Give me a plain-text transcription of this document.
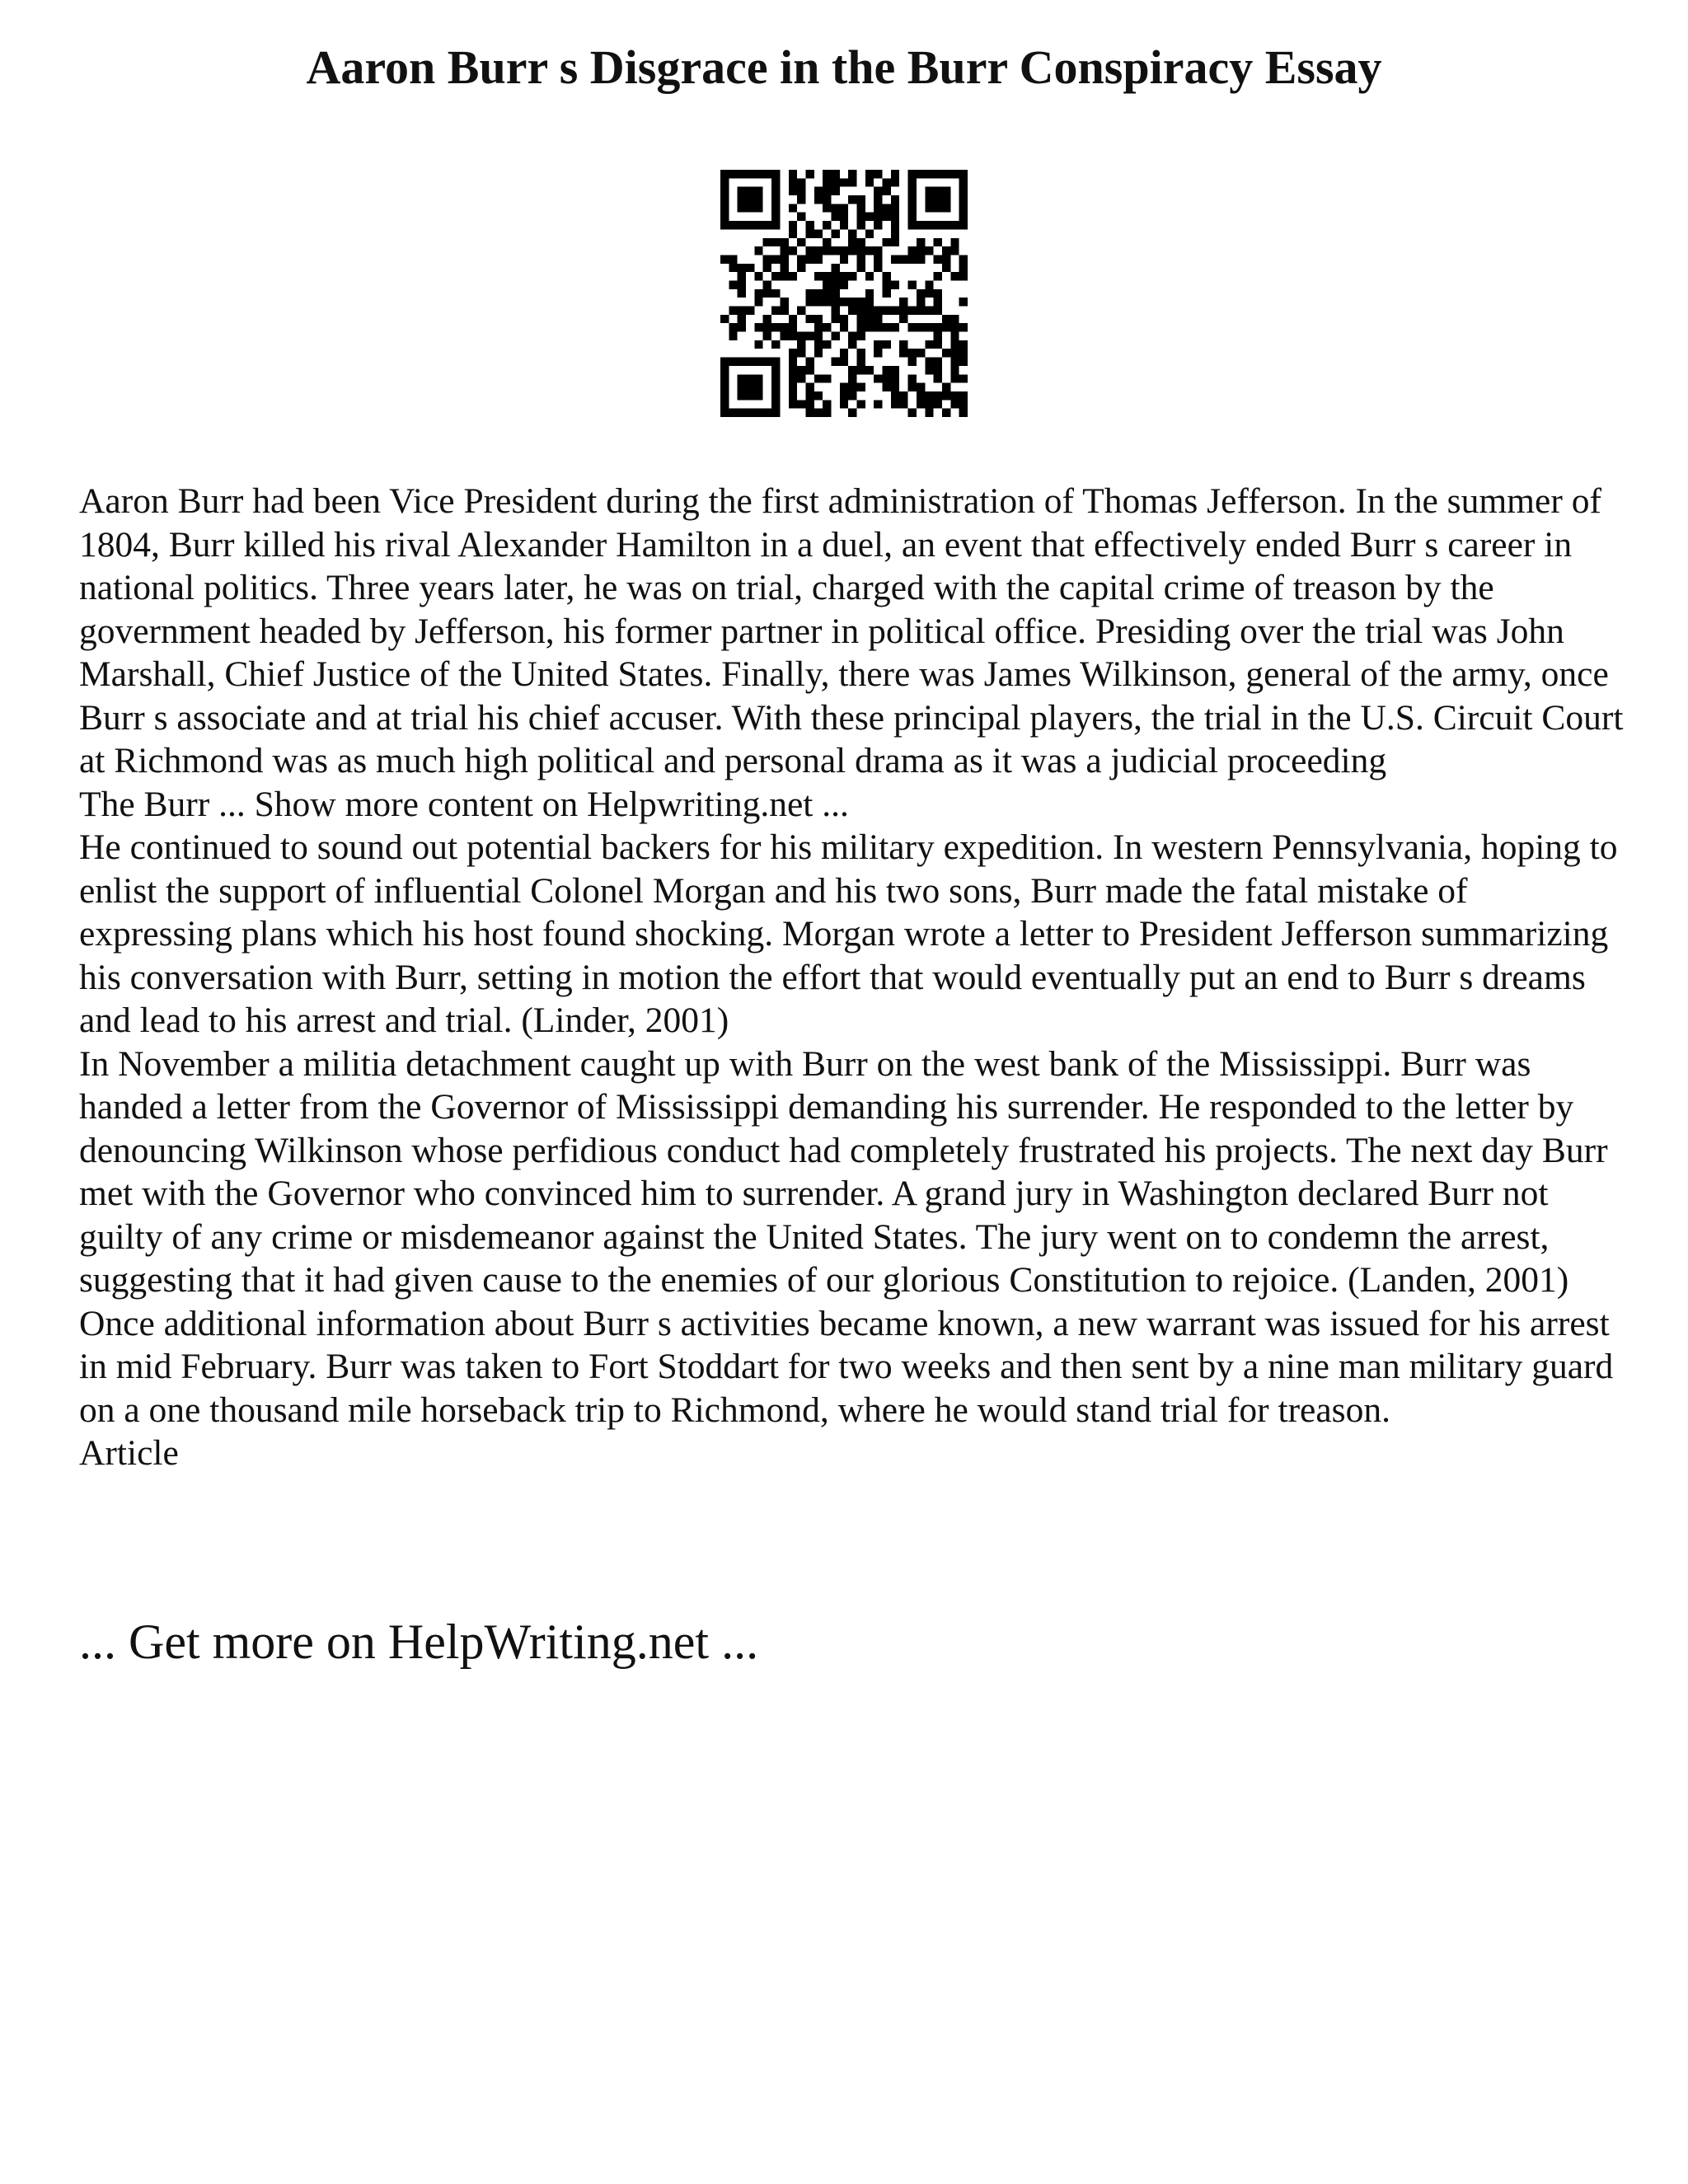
Aaron Burr s Disgrace in the Burr Conspiracy Essay

Aaron Burr had been Vice President during the first administration of Thomas Jefferson. In the summer of 1804, Burr killed his rival Alexander Hamilton in a duel, an event that effectively ended Burr s career in national politics. Three years later, he was on trial, charged with the capital crime of treason by the government headed by Jefferson, his former partner in political office. Presiding over the trial was John Marshall, Chief Justice of the United States. Finally, there was James Wilkinson, general of the army, once Burr s associate and at trial his chief accuser. With these principal players, the trial in the U.S. Circuit Court at Richmond was as much high political and personal drama as it was a judicial proceeding

The Burr ... Show more content on Helpwriting.net ...

He continued to sound out potential backers for his military expedition. In western Pennsylvania, hoping to enlist the support of influential Colonel Morgan and his two sons, Burr made the fatal mistake of expressing plans which his host found shocking. Morgan wrote a letter to President Jefferson summarizing his conversation with Burr, setting in motion the effort that would eventually put an end to Burr s dreams and lead to his arrest and trial. (Linder, 2001)

In November a militia detachment caught up with Burr on the west bank of the Mississippi. Burr was handed a letter from the Governor of Mississippi demanding his surrender. He responded to the letter by denouncing Wilkinson whose perfidious conduct had completely frustrated his projects. The next day Burr met with the Governor who convinced him to surrender. A grand jury in Washington declared Burr not guilty of any crime or misdemeanor against the United States. The jury went on to condemn the arrest, suggesting that it had given cause to the enemies of our glorious Constitution to rejoice. (Landen, 2001) Once additional information about Burr s activities became known, a new warrant was issued for his arrest in mid February. Burr was taken to Fort Stoddart for two weeks and then sent by a nine man military guard on a one thousand mile horseback trip to Richmond, where he would stand trial for treason.

Article

... Get more on HelpWriting.net ...
